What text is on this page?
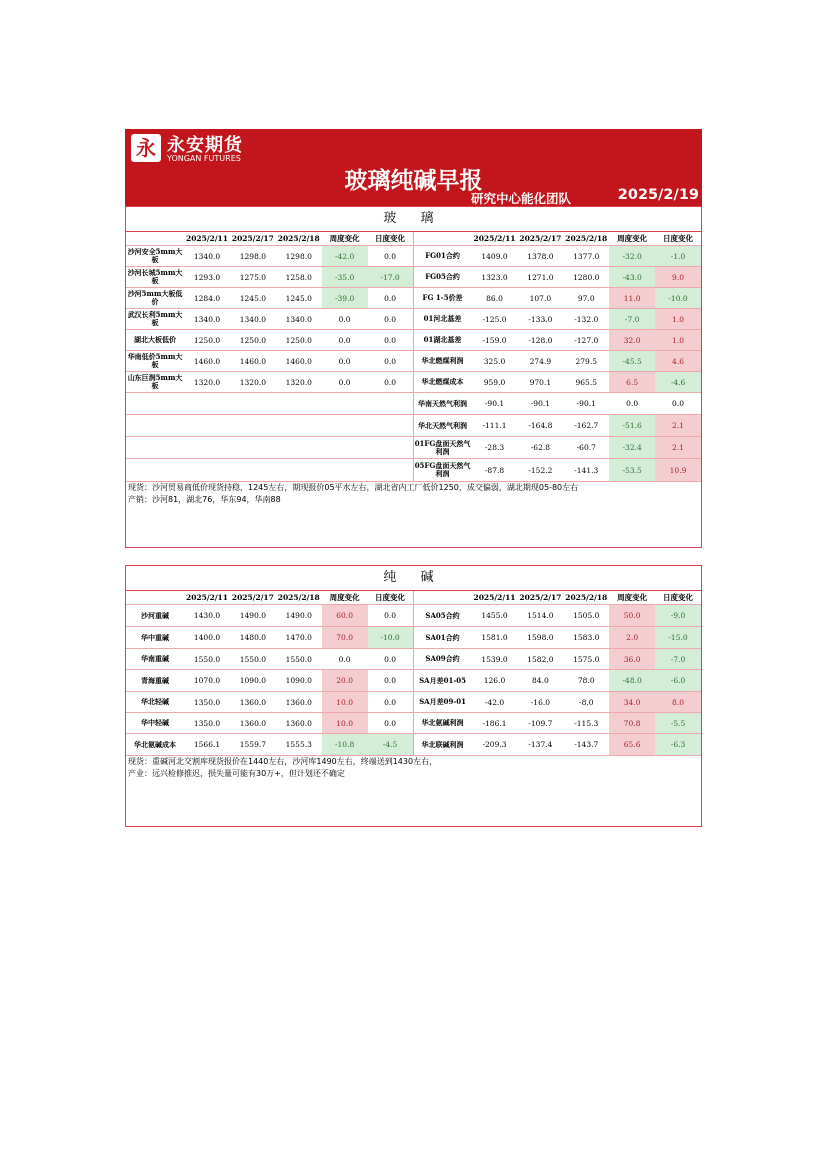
永 永安期货
YONGAN FUTURES
玻璃纯碱早报
研究中心能化团队	2025/2/19
玻 璃
2025/2/11 2025/2/17 2025/2/18	周度变化	日度变化	2025/2/11 2025/2/17 2025/2/18	周度变化	日度变化
沙河安全5mm大板	1340.0	1298.0	1298.0	-42.0	0.0	FG01合约	1409.0	1378.0	1377.0	-32.0	-1.0
沙河长城5mm大板	1293.0	1275.0	1258.0	-35.0	-17.0	FG05合约	1323.0	1271.0	1280.0	-43.0	9.0
沙河5mm大板低价	1284.0	1245.0	1245.0	-39.0	0.0	FG 1-5价差	86.0	107.0	97.0	11.0	-10.0
武汉长利5mm大板	1340.0	1340.0	1340.0	0.0	0.0	01河北基差	-125.0	-133.0	-132.0	-7.0	1.0
湖北大板低价	1250.0	1250.0	1250.0	0.0	0.0	01湖北基差	-159.0	-128.0	-127.0	32.0	1.0
华南低价5mm大板	1460.0	1460.0	1460.0	0.0	0.0	华北燃煤利润	325.0	274.9	279.5	-45.5	4.6
山东巨润5mm大板	1320.0	1320.0	1320.0	0.0	0.0	华北燃煤成本	959.0	970.1	965.5	6.5	-4.6
华南天然气利润	-90.1	-90.1	-90.1	0.0	0.0
华北天然气利润	-111.1	-164.8	-162.7	-51.6	2.1
01FG盘面天然气利润	-28.3	-62.8	-60.7	-32.4	2.1
05FG盘面天然气利润	-87.8	-152.2	-141.3	-53.5	10.9
现货：沙河贸易商低价现货持稳，1245左右，期现报价05平水左右，湖北省内工厂低价1250，成交偏弱，湖北期现05-80左右
产销：沙河81，湖北76，华东94，华南88
纯 碱
2025/2/11 2025/2/17 2025/2/18	周度变化	日度变化	2025/2/11 2025/2/17 2025/2/18	周度变化	日度变化
沙河重碱	1430.0	1490.0	1490.0	60.0	0.0	SA05合约	1455.0	1514.0	1505.0	50.0	-9.0
华中重碱	1400.0	1480.0	1470.0	70.0	-10.0	SA01合约	1581.0	1598.0	1583.0	2.0	-15.0
华南重碱	1550.0	1550.0	1550.0	0.0	0.0	SA09合约	1539.0	1582.0	1575.0	36.0	-7.0
青海重碱	1070.0	1090.0	1090.0	20.0	0.0	SA月差01-05	126.0	84.0	78.0	-48.0	-6.0
华北轻碱	1350.0	1360.0	1360.0	10.0	0.0	SA月差09-01	-42.0	-16.0	-8.0	34.0	8.0
华中轻碱	1350.0	1360.0	1360.0	10.0	0.0	华北氨碱利润	-186.1	-109.7	-115.3	70.8	-5.5
华北氨碱成本	1566.1	1559.7	1555.3	-10.8	-4.5	华北联碱利润	-209.3	-137.4	-143.7	65.6	-6.3
现货：重碱河北交割库现货报价在1440左右，沙河库1490左右，终端送到1430左右，
产业：远兴检修推迟，损失量可能有30万+，但计划还不确定
